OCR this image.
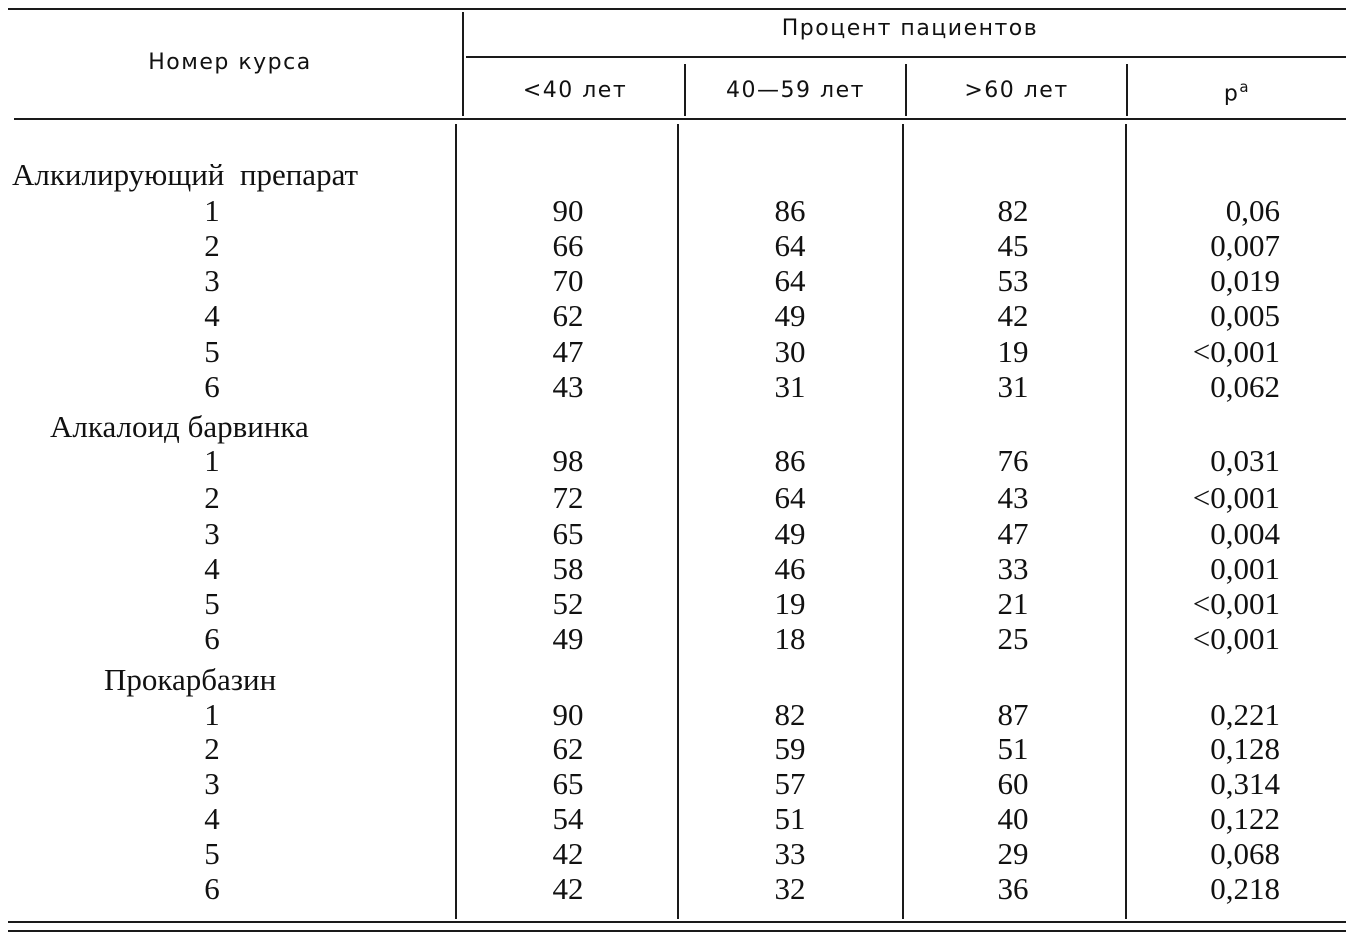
Номер курса
Процент пациентов
<40 лет	40—59 лет	>60 лет	$р^а$
Алкилирующий  препарат
1	90	86	82	0,06
2	66	64	45	0,007
3	70	64	53	0,019
4	62	49	42	0,005
5	47	30	19	<0,001
6	43	31	31	0,062
Алкалоид барвинка
1	98	86	76	0,031
2	72	64	43	<0,001
3	65	49	47	0,004
4	58	46	33	0,001
5	52	19	21	<0,001
6	49	18	25	<0,001
Прокарбазин
1	90	82	87	0,221
2	62	59	51	0,128
3	65	57	60	0,314
4	54	51	40	0,122
5	42	33	29	0,068
6	42	32	36	0,218
